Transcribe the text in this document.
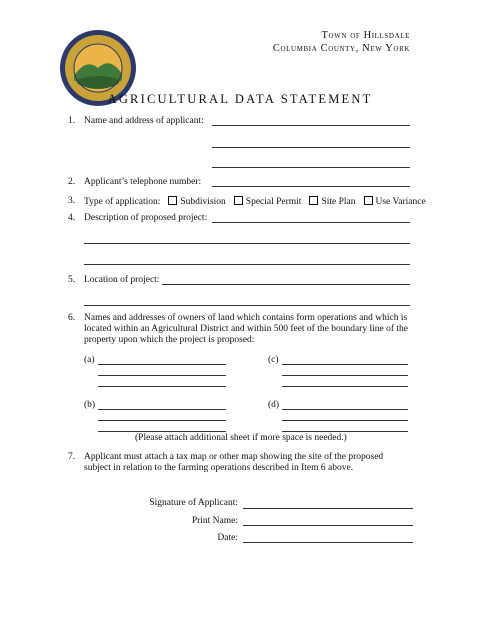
Town of Hillsdale
Columbia County, New York
AGRICULTURAL DATA STATEMENT
1. Name and address of applicant:
2. Applicant’s telephone number:
3. Type of application: Subdivision Special Permit Site Plan Use Variance
4. Description of proposed project:
5. Location of project:
6. Names and addresses of owners of land which contains form operations and which is
located within an Agricultural District and within 500 feet of the boundary line of the
property upon which the project is proposed:
(a)	(c)
(b)	(d)
(Please attach additional sheet if more space is needed.)
7. Applicant must attach a tax map or other map showing the site of the proposed
subject in relation to the farming operations described in Item 6 above.
Signature of Applicant:
Print Name:
Date:
